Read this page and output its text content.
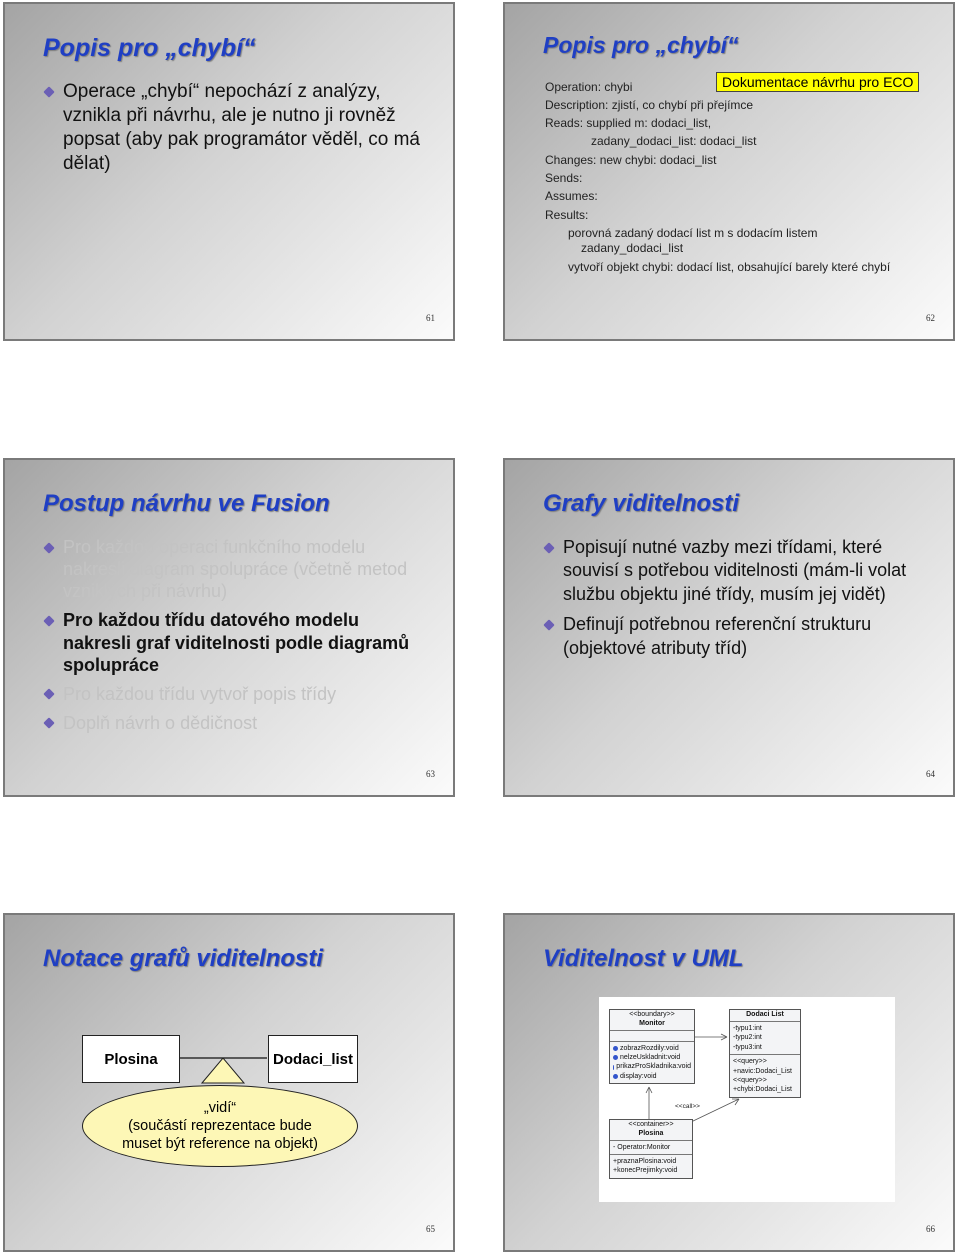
Popis pro „chybí“
Operace „chybí“ nepochází z analýzy, vznikla při návrhu, ale je nutno ji rovněž popsat (aby pak programátor věděl, co má dělat)
61
Popis pro „chybí“
Dokumentace návrhu pro ECO
Operation: chybi
Description: zjistí, co chybí při přejímce
Reads: supplied m: dodaci_list,
zadany_dodaci_list: dodaci_list
Changes: new chybi: dodaci_list
Sends:
Assumes:
Results:
porovná zadaný dodací list m s dodacím listem
zadany_dodaci_list
vytvoří objekt chybi: dodací list, obsahující barely které chybí
62
Postup návrhu ve Fusion
Pro každou operaci funkčního modelu nakresli diagram spolupráce (včetně metod vzniklých při návrhu)
Pro každou třídu datového modelu nakresli graf viditelnosti podle diagramů spolupráce
Pro každou třídu vytvoř popis třídy
Doplň návrh o dědičnost
63
Grafy viditelnosti
Popisují nutné vazby mezi třídami, které souvisí s potřebou viditelnosti (mám-li volat službu objektu jiné třídy, musím jej vidět)
Definují potřebnou referenční strukturu (objektové atributy tříd)
64
Notace grafů viditelnosti
Plosina	Dodaci_list
„vidí“
(součástí reprezentace bude
muset být reference na objekt)
65
Viditelnost v UML
<<boundary>>
Monitor
zobrazRozdily:void
nelzeUskladnit:void
prikazProSkladnika:void
display:void
Dodaci List
-typu1:int
-typu2:int
-typu3:int
<<query>>
+navic:Dodaci_List
<<query>>
+chybi:Dodaci_List
<<call>>
<<container>>
Plosina
- Operator:Monitor
+praznaPlosina:void
+konecPrejimky:void
66
